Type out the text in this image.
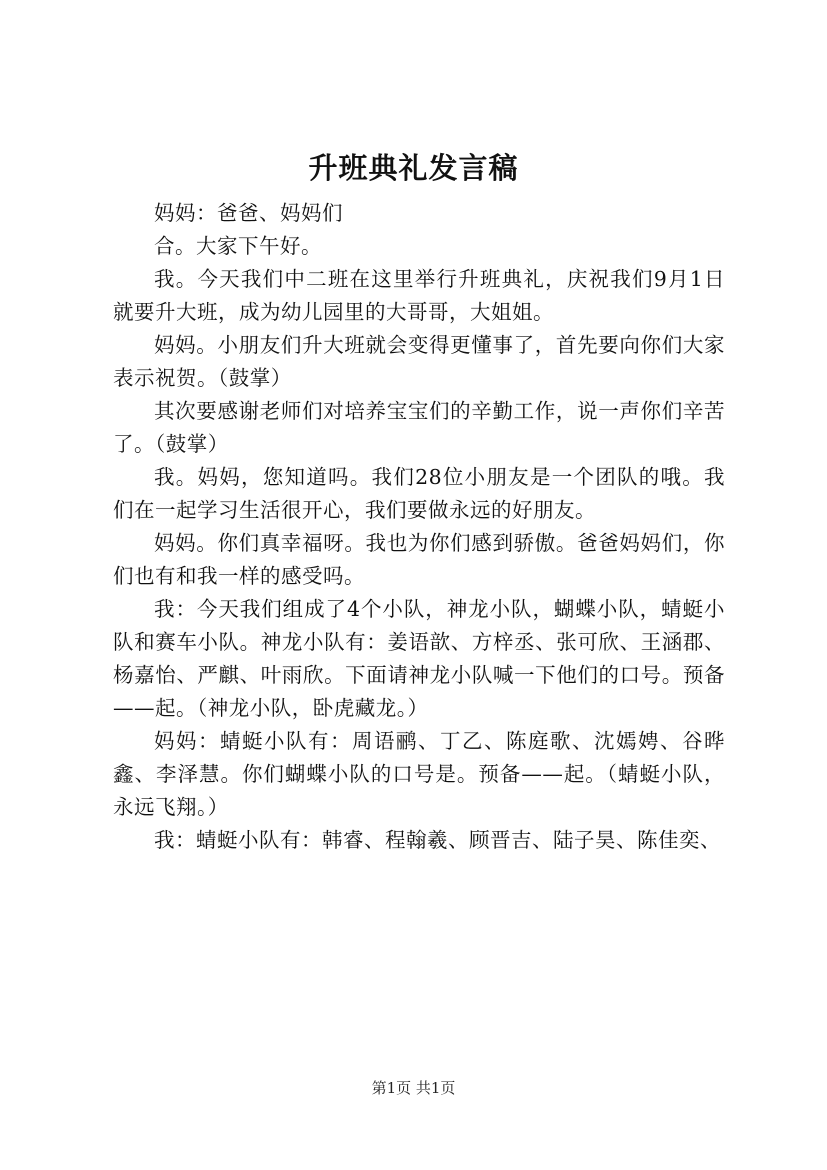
升班典礼发言稿

妈妈：爸爸、妈妈们

合。大家下午好。

我。今天我们中二班在这里举行升班典礼，庆祝我们9月1日就要升大班，成为幼儿园里的大哥哥，大姐姐。

妈妈。小朋友们升大班就会变得更懂事了，首先要向你们大家表示祝贺。（鼓掌）

其次要感谢老师们对培养宝宝们的辛勤工作，说一声你们辛苦了。（鼓掌）

我。妈妈，您知道吗。我们28位小朋友是一个团队的哦。我们在一起学习生活很开心，我们要做永远的好朋友。

妈妈。你们真幸福呀。我也为你们感到骄傲。爸爸妈妈们，你们也有和我一样的感受吗。

我：今天我们组成了4个小队，神龙小队，蝴蝶小队，蜻蜓小队和赛车小队。神龙小队有：姜语歆、方梓丞、张可欣、王涵郡、杨嘉怡、严麒、叶雨欣。下面请神龙小队喊一下他们的口号。预备——起。（神龙小队，卧虎藏龙。）

妈妈：蜻蜓小队有：周语鹂、丁乙、陈庭歌、沈嫣娉、谷晔鑫、李泽慧。你们蝴蝶小队的口号是。预备——起。（蜻蜓小队，永远飞翔。）

我：蜻蜓小队有：韩睿、程翰羲、顾晋吉、陆子昊、陈佳奕、

第1页 共1页
